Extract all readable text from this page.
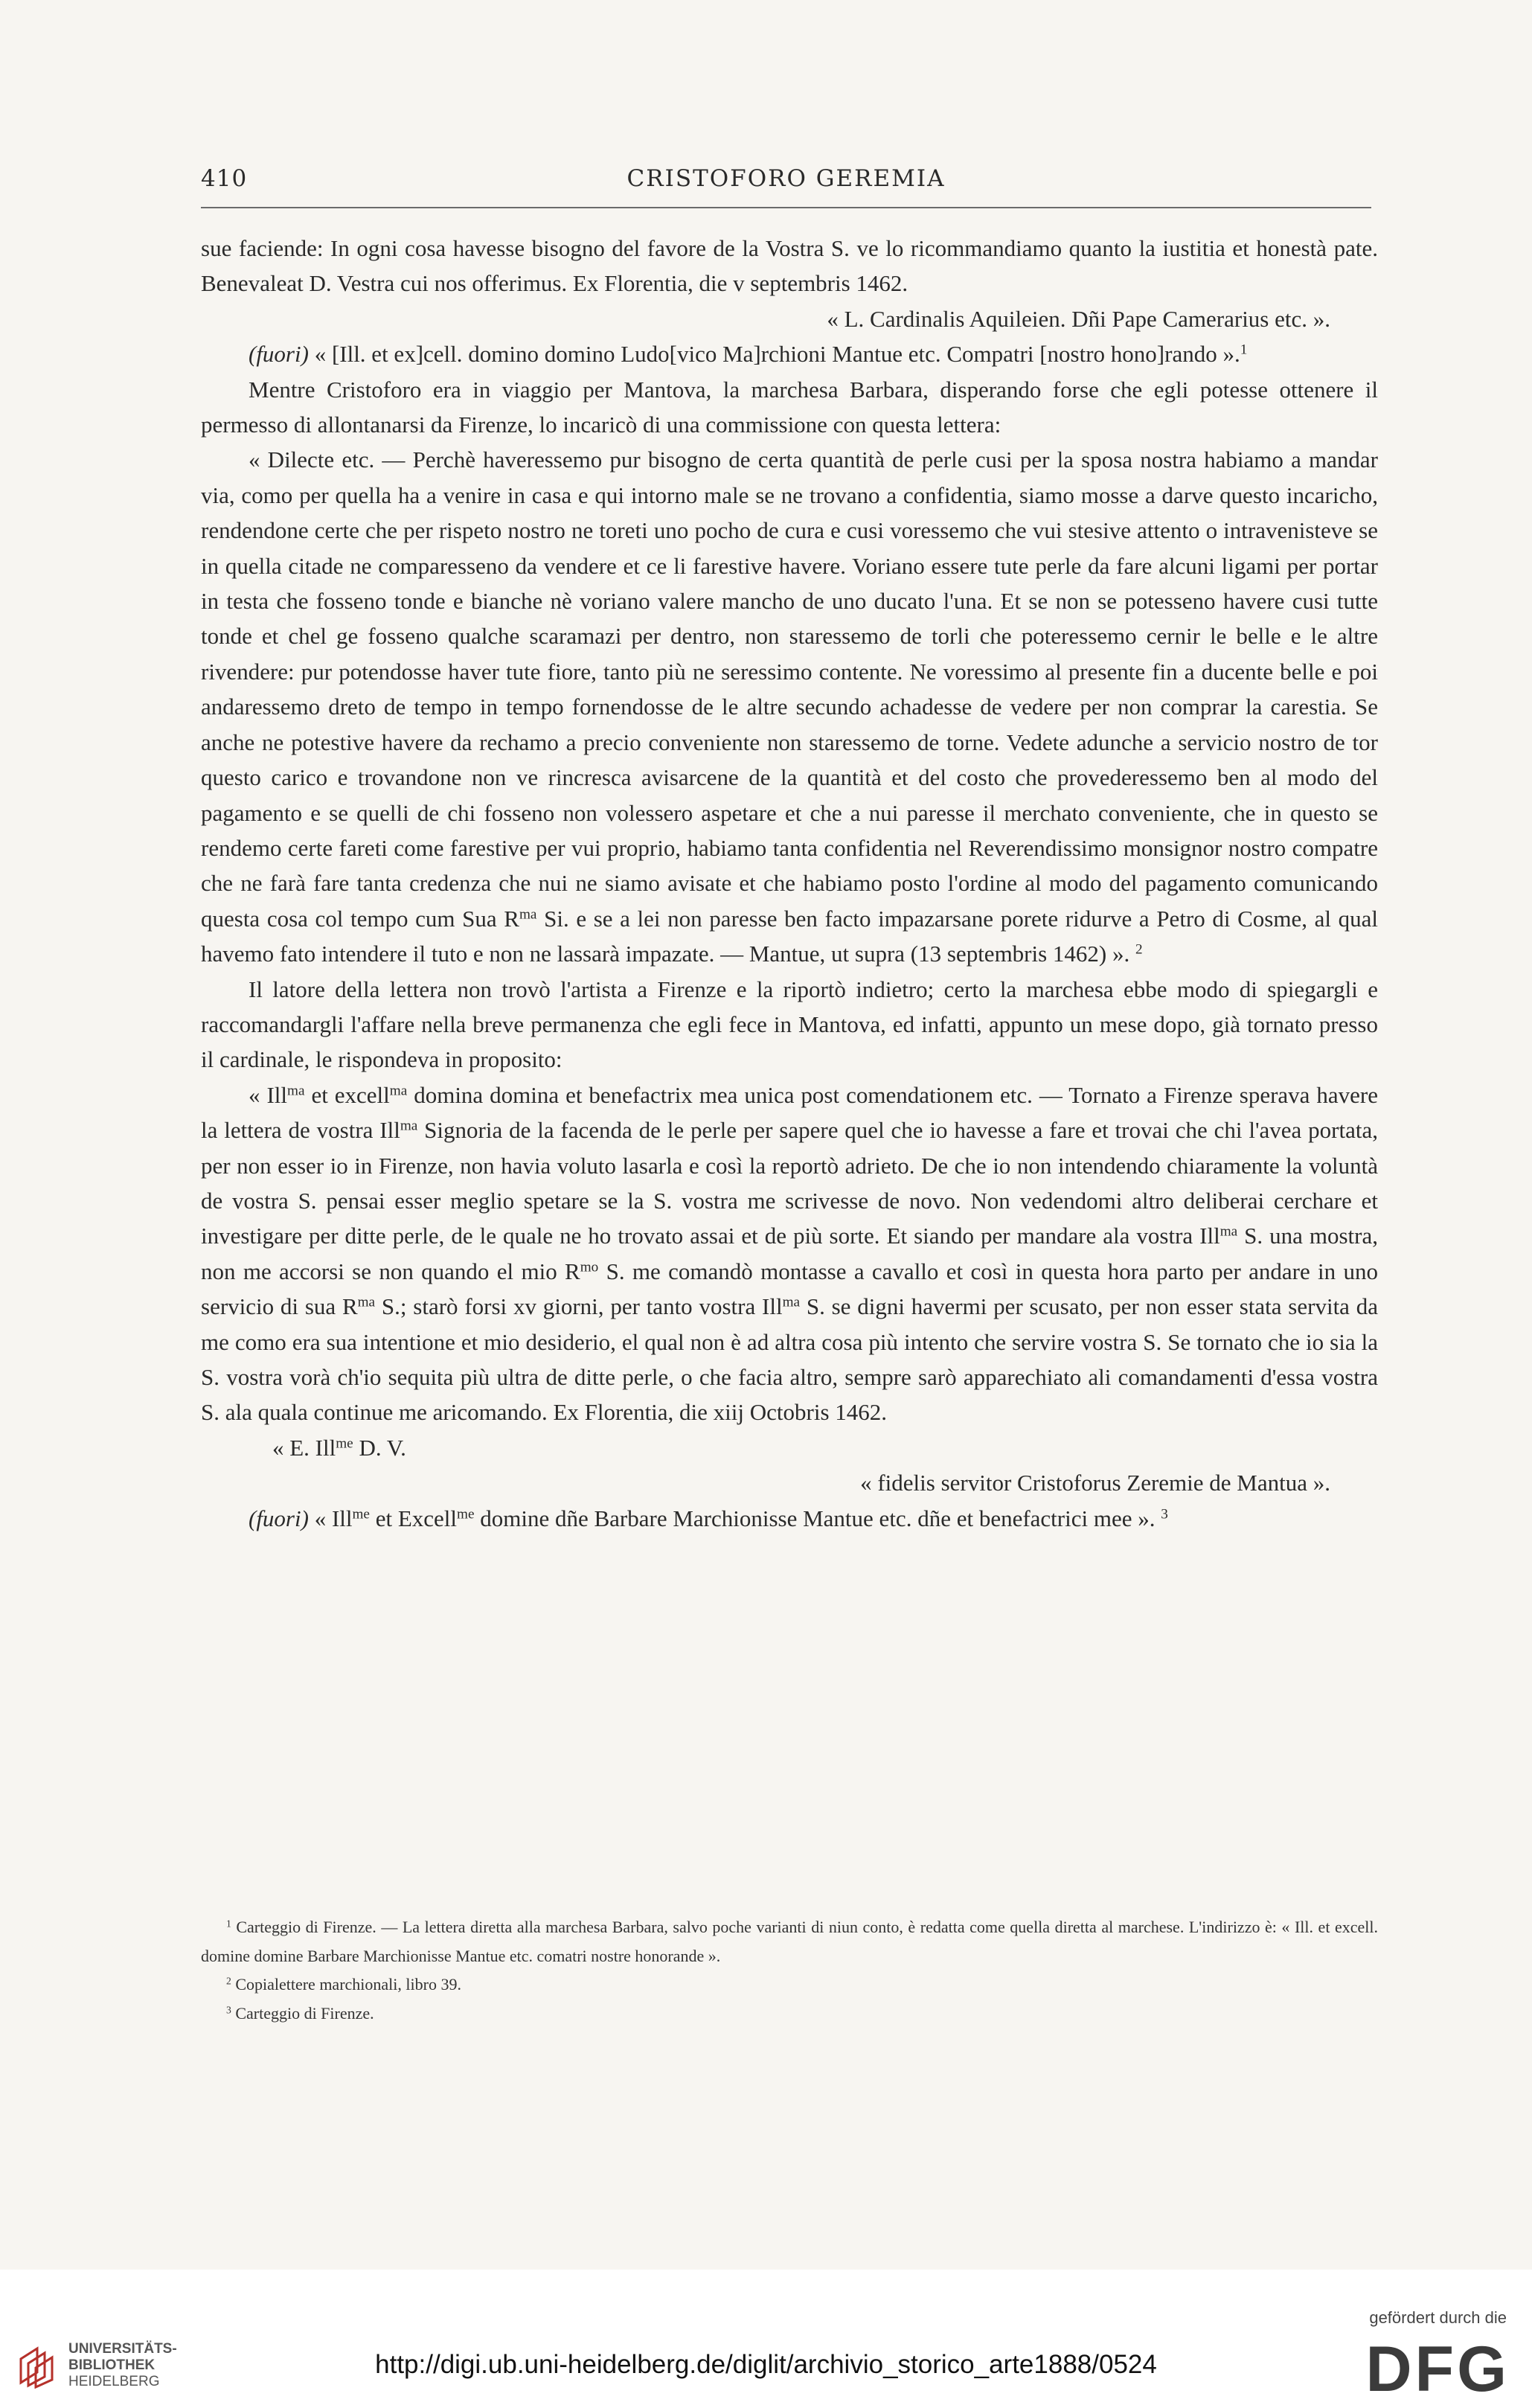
410	CRISTOFORO GEREMIA

sue faciende: In ogni cosa havesse bisogno del favore de la Vostra S. ve lo ricommandiamo quanto la iustitia et honestà pate. Benevaleat D. Vestra cui nos offerimus. Ex Florentia, die v septembris 1462.

« L. Cardinalis Aquileien. Dñi Pape Camerarius etc. ».

(fuori) « [Ill. et ex]cell. domino domino Ludo[vico Ma]rchioni Mantue etc. Compatri [nostro hono]rando ».$^1$

Mentre Cristoforo era in viaggio per Mantova, la marchesa Barbara, disperando forse che egli potesse ottenere il permesso di allontanarsi da Firenze, lo incaricò di una commissione con questa lettera:

« Dilecte etc. — Perchè haveressemo pur bisogno de certa quantità de perle cusi per la sposa nostra habiamo a mandar via, como per quella ha a venire in casa e qui intorno male se ne trovano a confidentia, siamo mosse a darve questo incaricho, rendendone certe che per rispeto nostro ne toreti uno pocho de cura e cusi voressemo che vui stesive attento o intravenisteve se in quella citade ne comparesseno da vendere et ce li farestive havere. Voriano essere tute perle da fare alcuni ligami per portar in testa che fosseno tonde e bianche nè voriano valere mancho de uno ducato l'una. Et se non se potesseno havere cusi tutte tonde et chel ge fosseno qualche scaramazi per dentro, non staressemo de torli che poteressemo cernir le belle e le altre rivendere: pur potendosse haver tute fiore, tanto più ne seressimo contente. Ne voressimo al presente fin a ducente belle e poi andaressemo dreto de tempo in tempo fornendosse de le altre secundo achadesse de vedere per non comprar la carestia. Se anche ne potestive havere da rechamo a precio conveniente non staressemo de torne. Vedete adunche a servicio nostro de tor questo carico e trovandone non ve rincresca avisarcene de la quantità et del costo che provederessemo ben al modo del pagamento e se quelli de chi fosseno non volessero aspetare et che a nui paresse il merchato conveniente, che in questo se rendemo certe fareti come farestive per vui proprio, habiamo tanta confidentia nel Reverendissimo monsignor nostro compatre che ne farà fare tanta credenza che nui ne siamo avisate et che habiamo posto l'ordine al modo del pagamento comunicando questa cosa col tempo cum Sua $R^{ma}$ Si. e se a lei non paresse ben facto impazarsane porete ridurve a Petro di Cosme, al qual havemo fato intendere il tuto e non ne lassarà impazate. — Mantue, ut supra (13 septembris 1462) ». $^2$

Il latore della lettera non trovò l'artista a Firenze e la riportò indietro; certo la marchesa ebbe modo di spiegargli e raccomandargli l'affare nella breve permanenza che egli fece in Mantova, ed infatti, appunto un mese dopo, già tornato presso il cardinale, le rispondeva in proposito:

« Ill$^{ma}$ et excell$^{ma}$ domina domina et benefactrix mea unica post comendationem etc. — Tornato a Firenze sperava havere la lettera de vostra Ill$^{ma}$ Signoria de la facenda de le perle per sapere quel che io havesse a fare et trovai che chi l'avea portata, per non esser io in Firenze, non havia voluto lasarla e così la reportò adrieto. De che io non intendendo chiaramente la voluntà de vostra S. pensai esser meglio spetare se la S. vostra me scrivesse de novo. Non vedendomi altro deliberai cerchare et investigare per ditte perle, de le quale ne ho trovato assai et de più sorte. Et siando per mandare ala vostra Ill$^{ma}$ S. una mostra, non me accorsi se non quando el mio $R^{mo}$ S. me comandò montasse a cavallo et così in questa hora parto per andare in uno servicio di sua $R^{ma}$ S.; starò forsi xv giorni, per tanto vostra Ill$^{ma}$ S. se digni havermi per scusato, per non esser stata servita da me como era sua intentione et mio desiderio, el qual non è ad altra cosa più intento che servire vostra S. Se tornato che io sia la S. vostra vorà ch'io sequita più ultra de ditte perle, o che facia altro, sempre sarò apparechiato ali comandamenti d'essa vostra S. ala quala continue me aricomando. Ex Florentia, die xiij Octobris 1462.

« E. Ill$^{me}$ D. V.

« fidelis servitor Cristoforus Zeremie de Mantua ».

(fuori) « Ill$^{me}$ et Excell$^{me}$ domine dñe Barbare Marchionisse Mantue etc. dñe et benefactrici mee ». $^3$

$^1$ Carteggio di Firenze. — La lettera diretta alla marchesa Barbara, salvo poche varianti di niun conto, è redatta come quella diretta al marchese. L'indirizzo è: « Ill. et excell. domine domine Barbare Marchionisse Mantue etc. comatri nostre honorande ».

$^2$ Copialettere marchionali, libro 39.

$^3$ Carteggio di Firenze.

UNIVERSITÄTS-
BIBLIOTHEK
HEIDELBERG
http://digi.ub.uni-heidelberg.de/diglit/archivio_storico_arte1888/0524
gefördert durch die
DFG
